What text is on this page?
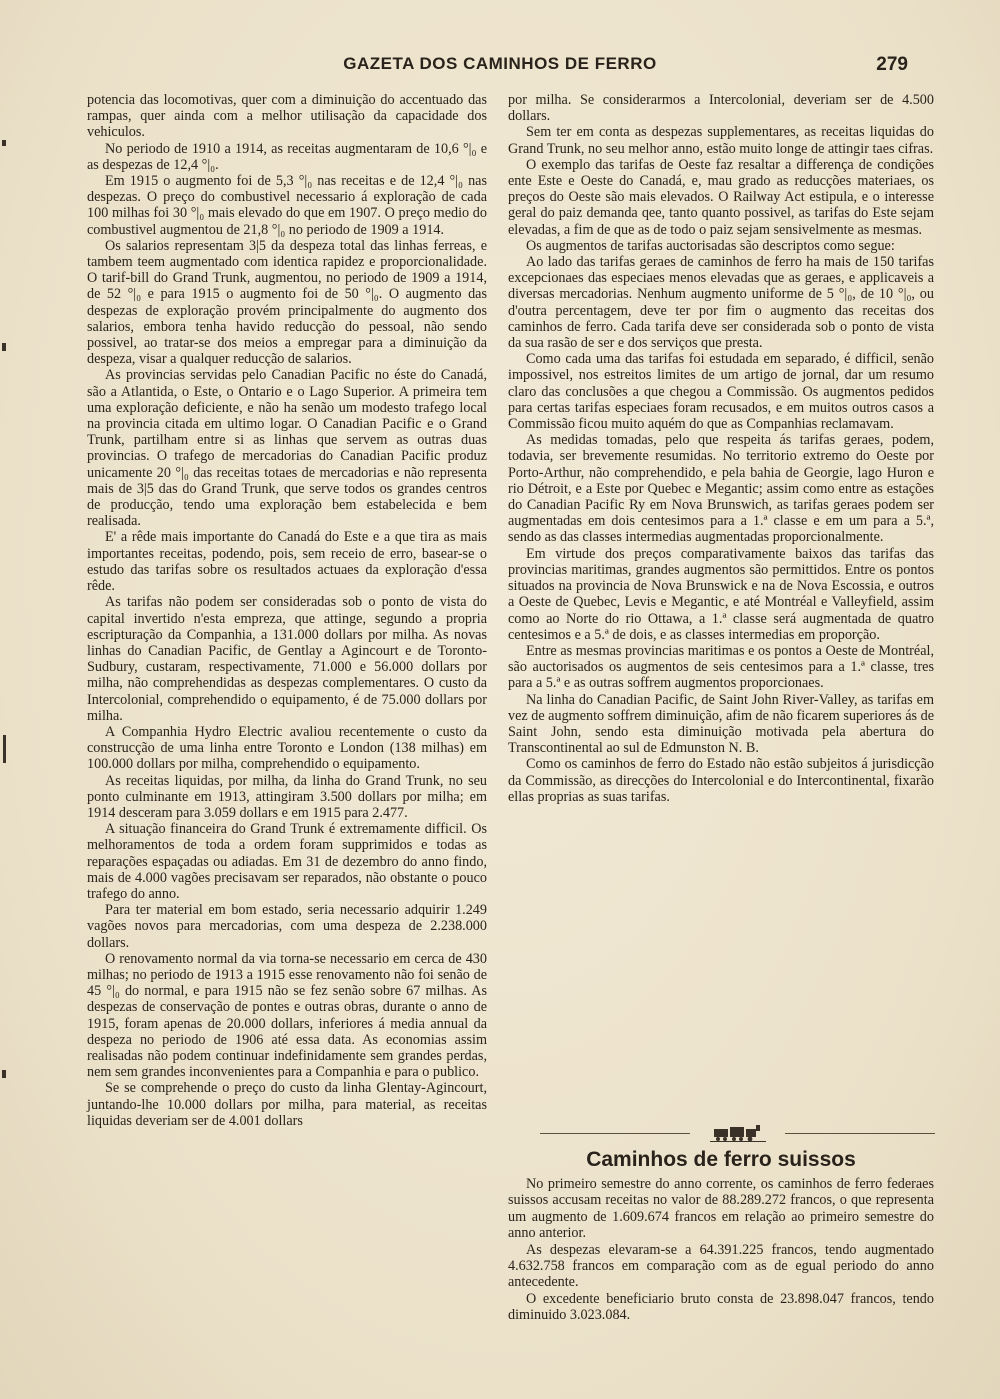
GAZETA DOS CAMINHOS DE FERRO	279

potencia das locomotivas, quer com a diminuição do accentuado das rampas, quer ainda com a melhor utilisação da capacidade dos vehiculos.

No periodo de 1910 a 1914, as receitas augmentaram de 10,6 °|₀ e as despezas de 12,4 °|₀.

Em 1915 o augmento foi de 5,3 °|₀ nas receitas e de 12,4 °|₀ nas despezas. O preço do combustivel necessario á exploração de cada 100 milhas foi 30 °|₀ mais elevado do que em 1907. O preço medio do combustivel augmentou de 21,8 °|₀ no periodo de 1909 a 1914.

Os salarios representam 3|5 da despeza total das linhas ferreas, e tambem teem augmentado com identica rapidez e proporcionalidade. O tarif-bill do Grand Trunk, augmentou, no periodo de 1909 a 1914, de 52 °|₀ e para 1915 o augmento foi de 50 °|₀. O augmento das despezas de exploração provém principalmente do augmento dos salarios, embora tenha havido reducção do pessoal, não sendo possivel, ao tratar-se dos meios a empregar para a diminuição da despeza, visar a qualquer reducção de salarios.

As provincias servidas pelo Canadian Pacific no éste do Canadá, são a Atlantida, o Este, o Ontario e o Lago Superior. A primeira tem uma exploração deficiente, e não ha senão um modesto trafego local na provincia citada em ultimo logar. O Canadian Pacific e o Grand Trunk, partilham entre si as linhas que servem as outras duas provincias. O trafego de mercadorias do Canadian Pacific produz unicamente 20 °|₀ das receitas totaes de mercadorias e não representa mais de 3|5 das do Grand Trunk, que serve todos os grandes centros de producção, tendo uma exploração bem estabelecida e bem realisada.

E' a rêde mais importante do Canadá do Este e a que tira as mais importantes receitas, podendo, pois, sem receio de erro, basear-se o estudo das tarifas sobre os resultados actuaes da exploração d'essa rêde.

As tarifas não podem ser consideradas sob o ponto de vista do capital invertido n'esta empreza, que attinge, segundo a propria escripturação da Companhia, a 131.000 dollars por milha. As novas linhas do Canadian Pacific, de Gentlay a Agincourt e de Toronto-Sudbury, custaram, respectivamente, 71.000 e 56.000 dollars por milha, não comprehendidas as despezas complementares. O custo da Intercolonial, comprehendido o equipamento, é de 75.000 dollars por milha.

A Companhia Hydro Electric avaliou recentemente o custo da construcção de uma linha entre Toronto e London (138 milhas) em 100.000 dollars por milha, comprehendido o equipamento.

As receitas liquidas, por milha, da linha do Grand Trunk, no seu ponto culminante em 1913, attingiram 3.500 dollars por milha; em 1914 desceram para 3.059 dollars e em 1915 para 2.477.

A situação financeira do Grand Trunk é extremamente difficil. Os melhoramentos de toda a ordem foram supprimidos e todas as reparações espaçadas ou adiadas. Em 31 de dezembro do anno findo, mais de 4.000 vagões precisavam ser reparados, não obstante o pouco trafego do anno.

Para ter material em bom estado, seria necessario adquirir 1.249 vagões novos para mercadorias, com uma despeza de 2.238.000 dollars.

O renovamento normal da via torna-se necessario em cerca de 430 milhas; no periodo de 1913 a 1915 esse renovamento não foi senão de 45 °|₀ do normal, e para 1915 não se fez senão sobre 67 milhas. As despezas de conservação de pontes e outras obras, durante o anno de 1915, foram apenas de 20.000 dollars, inferiores á media annual da despeza no periodo de 1906 até essa data. As economias assim realisadas não podem continuar indefinidamente sem grandes perdas, nem sem grandes inconvenientes para a Companhia e para o publico.

Se se comprehende o preço do custo da linha Glentay-Agincourt, juntando-lhe 10.000 dollars por milha, para material, as receitas liquidas deveriam ser de 4.001 dollars

por milha. Se considerarmos a Intercolonial, deveriam ser de 4.500 dollars.

Sem ter em conta as despezas supplementares, as receitas liquidas do Grand Trunk, no seu melhor anno, estão muito longe de attingir taes cifras.

O exemplo das tarifas de Oeste faz resaltar a differença de condições ente Este e Oeste do Canadá, e, mau grado as reducções materiaes, os preços do Oeste são mais elevados. O Railway Act estipula, e o interesse geral do paiz demanda qee, tanto quanto possivel, as tarifas do Este sejam elevadas, a fim de que as de todo o paiz sejam sensivelmente as mesmas.

Os augmentos de tarifas auctorisadas são descriptos como segue:

Ao lado das tarifas geraes de caminhos de ferro ha mais de 150 tarifas excepcionaes das especiaes menos elevadas que as geraes, e applicaveis a diversas mercadorias. Nenhum augmento uniforme de 5 °|₀, de 10 °|₀, ou d'outra percentagem, deve ter por fim o augmento das receitas dos caminhos de ferro. Cada tarifa deve ser considerada sob o ponto de vista da sua rasão de ser e dos serviços que presta.

Como cada uma das tarifas foi estudada em separado, é difficil, senão impossivel, nos estreitos limites de um artigo de jornal, dar um resumo claro das conclusões a que chegou a Commissão. Os augmentos pedidos para certas tarifas especiaes foram recusados, e em muitos outros casos a Commissão ficou muito aquém do que as Companhias reclamavam.

As medidas tomadas, pelo que respeita ás tarifas geraes, podem, todavia, ser brevemente resumidas. No territorio extremo do Oeste por Porto-Arthur, não comprehendido, e pela bahia de Georgie, lago Huron e rio Détroit, e a Este por Quebec e Megantic; assim como entre as estações do Canadian Pacific Ry em Nova Brunswich, as tarifas geraes podem ser augmentadas em dois centesimos para a 1.ª classe e em um para a 5.ª, sendo as das classes intermedias augmentadas proporcionalmente.

Em virtude dos preços comparativamente baixos das tarifas das provincias maritimas, grandes augmentos são permittidos. Entre os pontos situados na provincia de Nova Brunswick e na de Nova Escossia, e outros a Oeste de Quebec, Levis e Megantic, e até Montréal e Valleyfield, assim como ao Norte do rio Ottawa, a 1.ª classe será augmentada de quatro centesimos e a 5.ª de dois, e as classes intermedias em proporção.

Entre as mesmas provincias maritimas e os pontos a Oeste de Montréal, são auctorisados os augmentos de seis centesimos para a 1.ª classe, tres para a 5.ª e as outras soffrem augmentos proporcionaes.

Na linha do Canadian Pacific, de Saint John River-Valley, as tarifas em vez de augmento soffrem diminuição, afim de não ficarem superiores ás de Saint John, sendo esta diminuição motivada pela abertura do Transcontinental ao sul de Edmunston N. B.

Como os caminhos de ferro do Estado não estão subjeitos á jurisdicção da Commissão, as direcções do Intercolonial e do Intercontinental, fixarão ellas proprias as suas tarifas.

Caminhos de ferro suissos

No primeiro semestre do anno corrente, os caminhos de ferro federaes suissos accusam receitas no valor de 88.289.272 francos, o que representa um augmento de 1.609.674 francos em relação ao primeiro semestre do anno anterior.

As despezas elevaram-se a 64.391.225 francos, tendo augmentado 4.632.758 francos em comparação com as de egual periodo do anno antecedente.

O excedente beneficiario bruto consta de 23.898.047 francos, tendo diminuido 3.023.084.
